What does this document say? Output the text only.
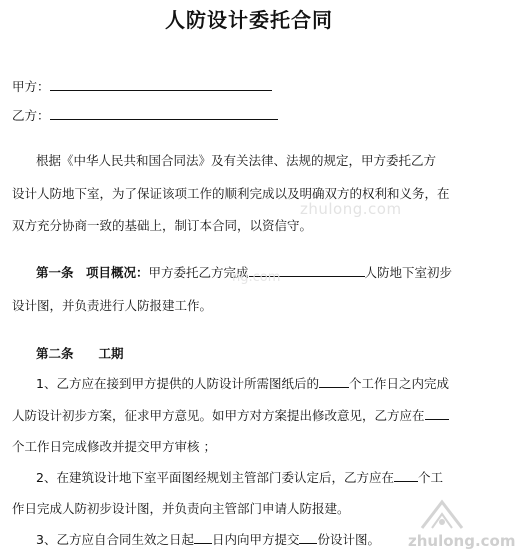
人防设计委托合同
甲方：
乙方：
根据《中华人民共和国合同法》及有关法律、法规的规定，甲方委托乙方
设计人防地下室，为了保证该项工作的顺利完成以及明确双方的权利和义务，在
双方充分协商一致的基础上，制订本合同，以资信守。
zhulong.com
第一条　项目概况：甲方委托乙方完成	人防地下室初步
ng.com
设计图，并负责进行人防报建工作。
第二条　　工期
1、乙方应在接到甲方提供的人防设计所需图纸后的 个工作日之内完成
人防设计初步方案，征求甲方意见。如甲方对方案提出修改意见，乙方应在
个工作日完成修改并提交甲方审核 ；
2、在建筑设计地下室平面图经规划主管部门委认定后，乙方应在 个工
作日完成人防初步设计图，并负责向主管部门申请人防报建。
3、乙方应自合同生效之日起 日内向甲方提交 份设计图。 zhulong.com
